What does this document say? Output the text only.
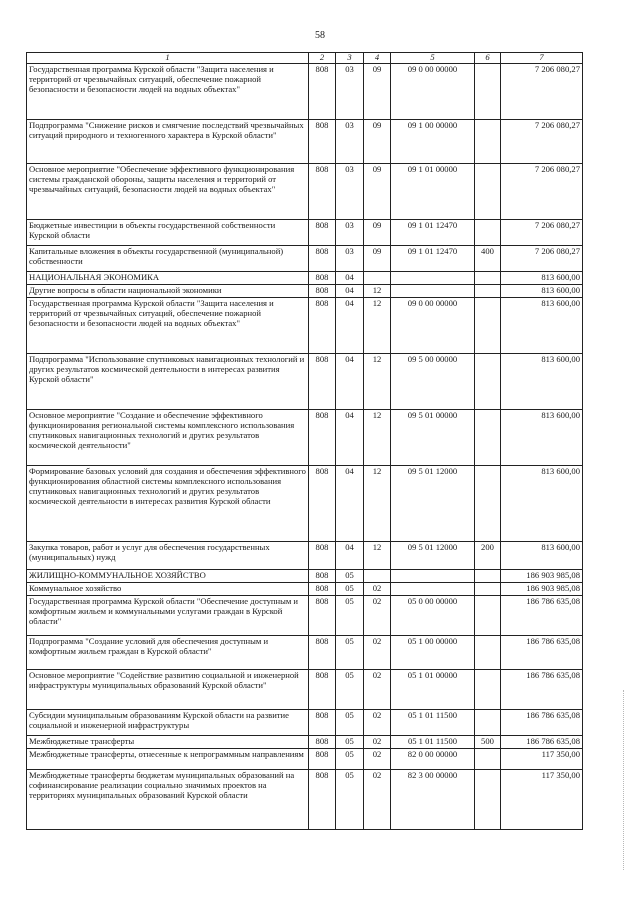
58
1	2	3	4	5	6	7
Государственная программа Курской области "Защита населения и территорий от чрезвычайных ситуаций, обеспечение пожарной безопасности и безопасности людей на водных объектах"	808	03	09	09 0 00 00000		7 206 080,27
Подпрограмма "Снижение рисков и смягчение последствий чрезвычайных ситуаций природного и техногенного характера в Курской области"	808	03	09	09 1 00 00000		7 206 080,27
Основное мероприятие "Обеспечение эффективного функционирования системы гражданской обороны, защиты населения и территорий от чрезвычайных ситуаций, безопасности людей на водных объектах"	808	03	09	09 1 01 00000		7 206 080,27
Бюджетные инвестиции в объекты государственной собственности Курской области	808	03	09	09 1 01 12470		7 206 080,27
Капитальные вложения в объекты государственной (муниципальной) собственности	808	03	09	09 1 01 12470	400	7 206 080,27
НАЦИОНАЛЬНАЯ ЭКОНОМИКА	808	04				813 600,00
Другие вопросы в области национальной экономики	808	04	12			813 600,00
Государственная программа Курской области "Защита населения и территорий от чрезвычайных ситуаций, обеспечение пожарной безопасности и безопасности людей на водных объектах"	808	04	12	09 0 00 00000		813 600,00
Подпрограмма "Использование спутниковых навигационных технологий и других результатов космической деятельности в интересах развития Курской области"	808	04	12	09 5 00 00000		813 600,00
Основное мероприятие "Создание и обеспечение эффективного функционирования региональной системы комплексного использования спутниковых навигационных технологий и других результатов космической деятельности"	808	04	12	09 5 01 00000		813 600,00
Формирование базовых условий для создания и обеспечения эффективного функционирования областной системы комплексного использования спутниковых навигационных технологий и других результатов космической деятельности в интересах развития Курской области	808	04	12	09 5 01 12000		813 600,00
Закупка товаров, работ и услуг для обеспечения государственных (муниципальных) нужд	808	04	12	09 5 01 12000	200	813 600,00
ЖИЛИЩНО-КОММУНАЛЬНОЕ ХОЗЯЙСТВО	808	05				186 903 985,08
Коммунальное хозяйство	808	05	02			186 903 985,08
Государственная программа Курской области "Обеспечение доступным и комфортным жильем и коммунальными услугами граждан в Курской области"	808	05	02	05 0 00 00000		186 786 635,08
Подпрограмма "Создание условий для обеспечения доступным и комфортным жильем граждан в Курской области"	808	05	02	05 1 00 00000		186 786 635,08
Основное мероприятие "Содействие развитию социальной и инженерной инфраструктуры муниципальных образований Курской области"	808	05	02	05 1 01 00000		186 786 635,08
Субсидии муниципальным образованиям Курской области на развитие социальной и инженерной инфраструктуры	808	05	02	05 1 01 11500		186 786 635,08
Межбюджетные трансферты	808	05	02	05 1 01 11500	500	186 786 635,08
Межбюджетные трансферты, отнесенные к непрограммным направлениям	808	05	02	82 0 00 00000		117 350,00
Межбюджетные трансферты бюджетам муниципальных образований на софинансирование реализации социально значимых проектов на территориях муниципальных образований Курской области	808	05	02	82 3 00 00000		117 350,00
